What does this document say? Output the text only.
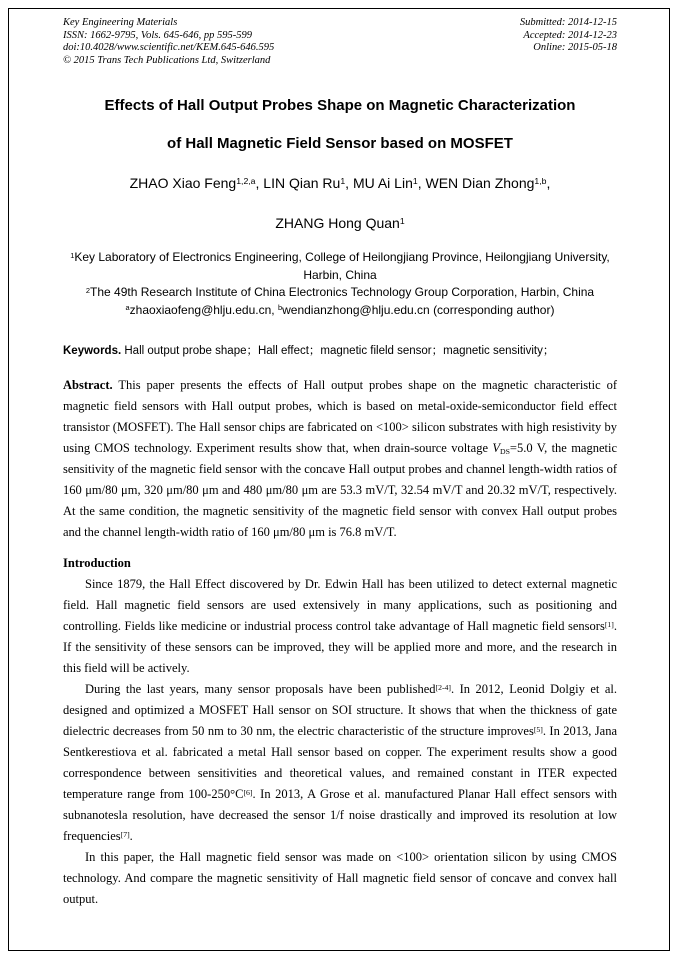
Key Engineering Materials
ISSN: 1662-9795, Vols. 645-646, pp 595-599
doi:10.4028/www.scientific.net/KEM.645-646.595
© 2015 Trans Tech Publications Ltd, Switzerland
Submitted: 2014-12-15
Accepted: 2014-12-23
Online: 2015-05-18
Effects of Hall Output Probes Shape on Magnetic Characterization
of Hall Magnetic Field Sensor based on MOSFET
ZHAO Xiao Feng$^{1,2,a}$, LIN Qian Ru$^1$, MU Ai Lin$^1$, WEN Dian Zhong$^{1,b}$,
ZHANG Hong Quan$^1$
$^1$Key Laboratory of Electronics Engineering, College of Heilongjiang Province, Heilongjiang University, Harbin, China
$^2$The 49th Research Institute of China Electronics Technology Group Corporation, Harbin, China
$^a$zhaoxiaofeng@hlju.edu.cn, $^b$wendianzhong@hlju.edu.cn (corresponding author)

Keywords. Hall output probe shape；Hall effect；magnetic fileld sensor；magnetic sensitivity；

Abstract. This paper presents the effects of Hall output probes shape on the magnetic characteristic of magnetic field sensors with Hall output probes, which is based on metal-oxide-semiconductor field effect transistor (MOSFET). The Hall sensor chips are fabricated on <100> silicon substrates with high resistivity by using CMOS technology. Experiment results show that, when drain-source voltage $V_{DS}=5.0$ V, the magnetic sensitivity of the magnetic field sensor with the concave Hall output probes and channel length-width ratios of 160 μm/80 μm, 320 μm/80 μm and 480 μm/80 μm are 53.3 mV/T, 32.54 mV/T and 20.32 mV/T, respectively. At the same condition, the magnetic sensitivity of the magnetic field sensor with convex Hall output probes and the channel length-width ratio of 160 μm/80 μm is 76.8 mV/T.

Introduction

Since 1879, the Hall Effect discovered by Dr. Edwin Hall has been utilized to detect external magnetic field. Hall magnetic field sensors are used extensively in many applications, such as positioning and controlling. Fields like medicine or industrial process control take advantage of Hall magnetic field sensors[1]. If the sensitivity of these sensors can be improved, they will be applied more and more, and the research in this field will be actively.

During the last years, many sensor proposals have been published[2-4]. In 2012, Leonid Dolgiy et al. designed and optimized a MOSFET Hall sensor on SOI structure. It shows that when the thickness of gate dielectric decreases from 50 nm to 30 nm, the electric characteristic of the structure improves[5]. In 2013, Jana Sentkerestiova et al. fabricated a metal Hall sensor based on copper. The experiment results show a good correspondence between sensitivities and theoretical values, and remained constant in ITER expected temperature range from 100-250°C[6]. In 2013, A Grose et al. manufactured Planar Hall effect sensors with subnanotesla resolution, have decreased the sensor 1/f noise drastically and improved its resolution at low frequencies[7].

In this paper, the Hall magnetic field sensor was made on <100> orientation silicon by using CMOS technology. And compare the magnetic sensitivity of Hall magnetic field sensor of concave and convex hall output.
